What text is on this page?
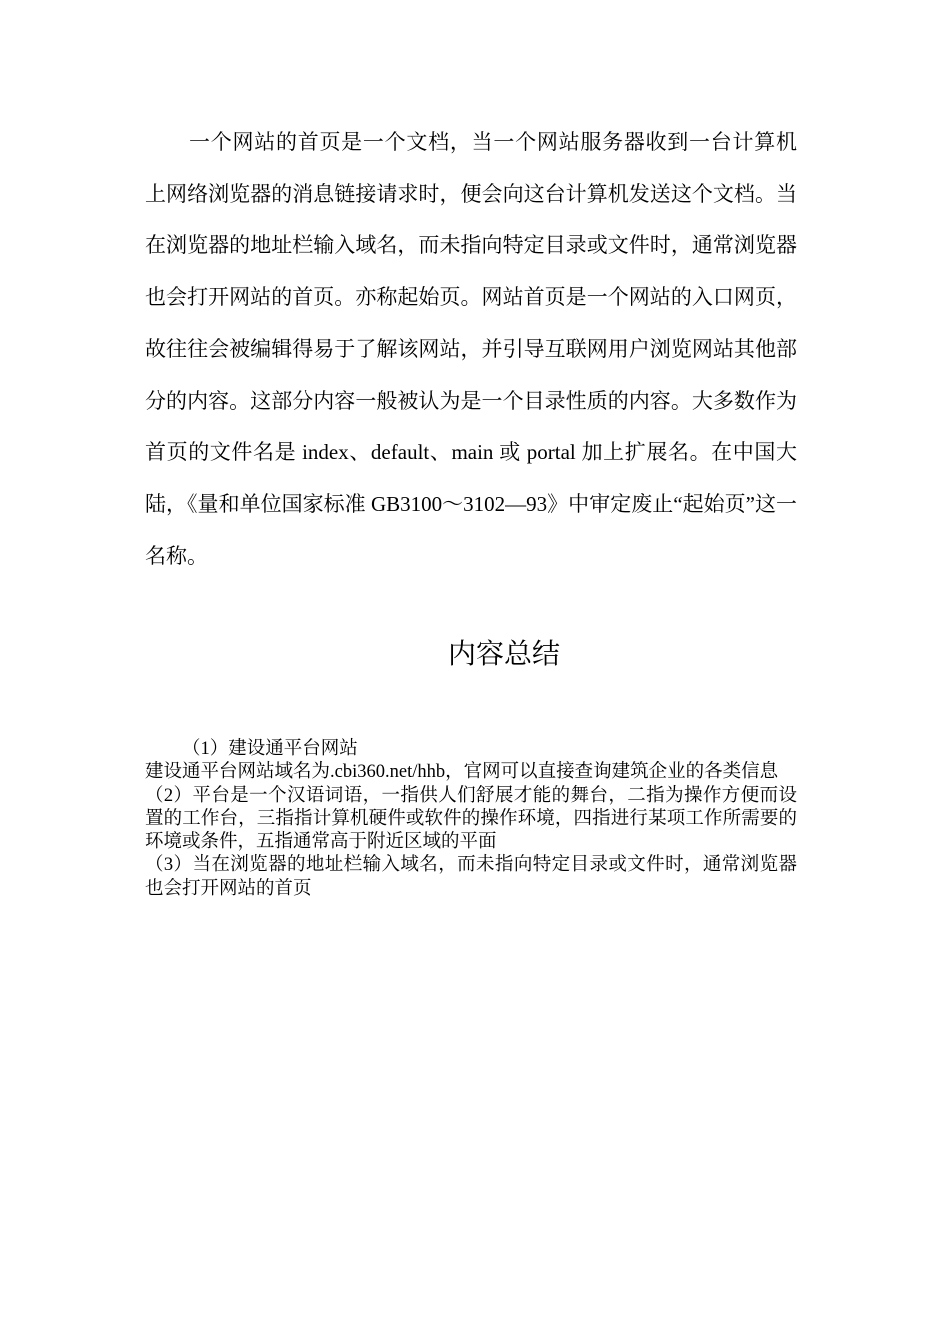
一个网站的首页是一个文档，当一个网站服务器收到一台计算机上网络浏览器的消息链接请求时，便会向这台计算机发送这个文档。当在浏览器的地址栏输入域名，而未指向特定目录或文件时，通常浏览器也会打开网站的首页。亦称起始页。网站首页是一个网站的入口网页，故往往会被编辑得易于了解该网站，并引导互联网用户浏览网站其他部分的内容。这部分内容一般被认为是一个目录性质的内容。大多数作为首页的文件名是 index、default、main 或 portal 加上扩展名。在中国大陆，《量和单位国家标准 GB3100～3102—93》中审定废止“起始页”这一名称。

内容总结

（1）建设通平台网站

建设通平台网站域名为.cbi360.net/hhb，官网可以直接查询建筑企业的各类信息

（2）平台是一个汉语词语，一指供人们舒展才能的舞台，二指为操作方便而设置的工作台，三指指计算机硬件或软件的操作环境，四指进行某项工作所需要的环境或条件，五指通常高于附近区域的平面

（3）当在浏览器的地址栏输入域名，而未指向特定目录或文件时，通常浏览器也会打开网站的首页
